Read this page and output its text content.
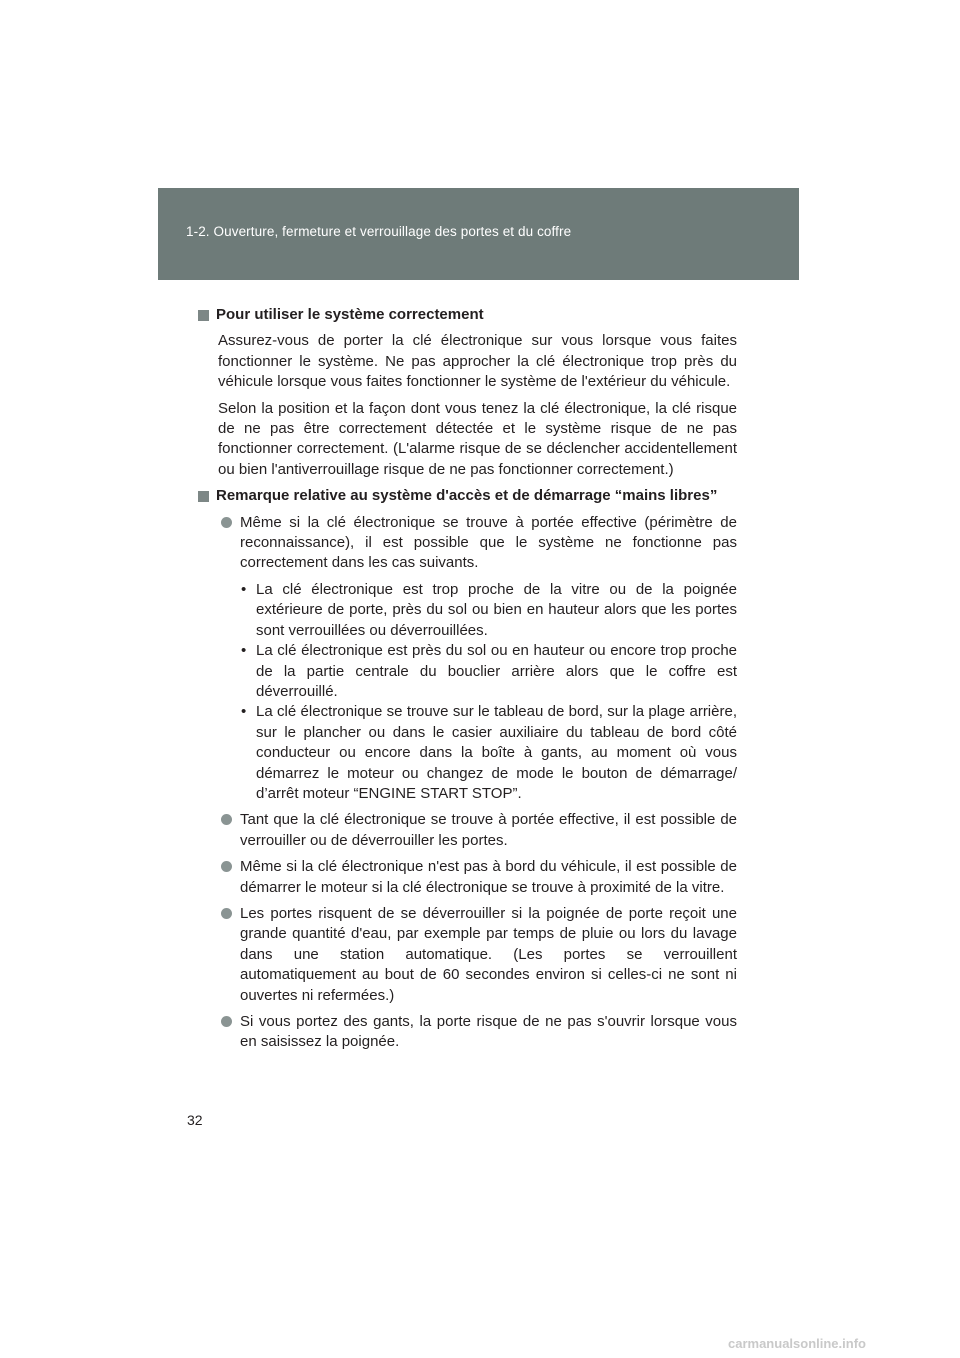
1-2. Ouverture, fermeture et verrouillage des portes et du coffre
Pour utiliser le système correctement

Assurez-vous de porter la clé électronique sur vous lorsque vous faites fonctionner le système. Ne pas approcher la clé électronique trop près du véhicule lorsque vous faites fonctionner le système de l'extérieur du véhicule.

Selon la position et la façon dont vous tenez la clé électronique, la clé risque de ne pas être correctement détectée et le système risque de ne pas fonctionner correctement. (L'alarme risque de se déclencher accidentellement ou bien l'antiverrouillage risque de ne pas fonctionner correctement.)

Remarque relative au système d'accès et de démarrage “mains libres”
Même si la clé électronique se trouve à portée effective (périmètre de reconnaissance), il est possible que le système ne fonctionne pas correctement dans les cas suivants.
• La clé électronique est trop proche de la vitre ou de la poignée extérieure de porte, près du sol ou bien en hauteur alors que les portes sont verrouillées ou déverrouillées.
• La clé électronique est près du sol ou en hauteur ou encore trop proche de la partie centrale du bouclier arrière alors que le coffre est déverrouillé.
• La clé électronique se trouve sur le tableau de bord, sur la plage arrière, sur le plancher ou dans le casier auxiliaire du tableau de bord côté conducteur ou encore dans la boîte à gants, au moment où vous démarrez le moteur ou changez de mode le bouton de démarrage/ d’arrêt moteur “ENGINE START STOP”.
Tant que la clé électronique se trouve à portée effective, il est possible de verrouiller ou de déverrouiller les portes.
Même si la clé électronique n'est pas à bord du véhicule, il est possible de démarrer le moteur si la clé électronique se trouve à proximité de la vitre.
Les portes risquent de se déverrouiller si la poignée de porte reçoit une grande quantité d'eau, par exemple par temps de pluie ou lors du lavage dans une station automatique. (Les portes se verrouillent automatiquement au bout de 60 secondes environ si celles-ci ne sont ni ouvertes ni refermées.)
Si vous portez des gants, la porte risque de ne pas s'ouvrir lorsque vous en saisissez la poignée.
32
carmanualsonline.info
